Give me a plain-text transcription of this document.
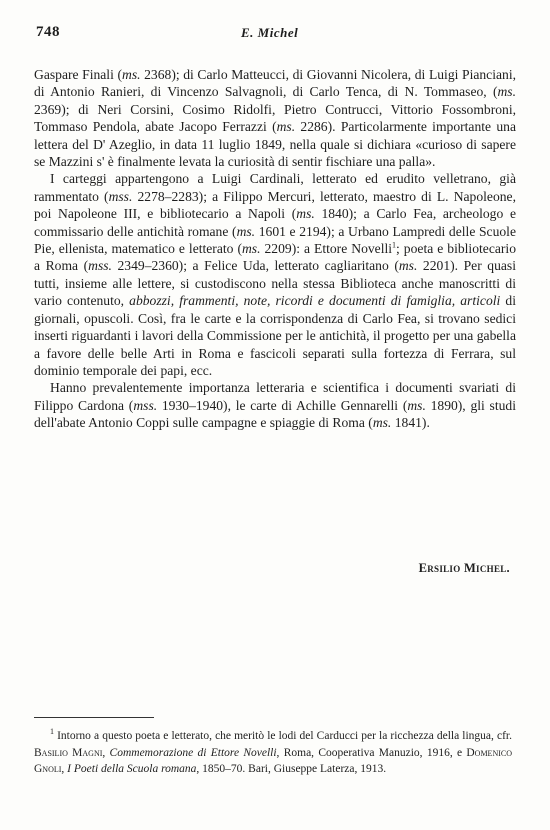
748	E. Michel

Gaspare Finali (ms. 2368); di Carlo Matteucci, di Giovanni Nicolera, di Luigi Pianciani, di Antonio Ranieri, di Vincenzo Salvagnoli, di Carlo Tenca, di N. Tommaseo, (ms. 2369); di Neri Corsini, Cosimo Ridolfi, Pietro Contrucci, Vittorio Fossombroni, Tommaso Pendola, abate Jacopo Ferrazzi (ms. 2286). Particolarmente importante una lettera del D' Azeglio, in data 11 luglio 1849, nella quale si dichiara «curioso di sapere se Mazzini s' è finalmente levata la curiosità di sentir fischiare una palla».

I carteggi appartengono a Luigi Cardinali, letterato ed erudito velletrano, già rammentato (mss. 2278–2283); a Filippo Mercuri, letterato, maestro di L. Napoleone, poi Napoleone III, e bibliotecario a Napoli (ms. 1840); a Carlo Fea, archeologo e commissario delle antichità romane (ms. 1601 e 2194); a Urbano Lampredi delle Scuole Pie, ellenista, matematico e letterato (ms. 2209): a Ettore Novelli$^1$; poeta e bibliotecario a Roma (mss. 2349–2360); a Felice Uda, letterato cagliaritano (ms. 2201). Per quasi tutti, insieme alle lettere, si custodiscono nella stessa Biblioteca anche manoscritti di vario contenuto, abbozzi, frammenti, note, ricordi e documenti di famiglia, articoli di giornali, opuscoli. Così, fra le carte e la corrispondenza di Carlo Fea, si trovano sedici inserti riguardanti i lavori della Commissione per le antichità, il progetto per una gabella a favore delle belle Arti in Roma e fascicoli separati sulla fortezza di Ferrara, sul dominio temporale dei papi, ecc.

Hanno prevalentemente importanza letteraria e scientifica i documenti svariati di Filippo Cardona (mss. 1930–1940), le carte di Achille Gennarelli (ms. 1890), gli studi dell'abate Antonio Coppi sulle campagne e spiaggie di Roma (ms. 1841).

Ersilio Michel.

$^1$ Intorno a questo poeta e letterato, che meritò le lodi del Carducci per la ricchezza della lingua, cfr. Basilio Magni, Commemorazione di Ettore Novelli, Roma, Cooperativa Manuzio, 1916, e Domenico Gnoli, I Poeti della Scuola romana, 1850–70. Bari, Giuseppe Laterza, 1913.
